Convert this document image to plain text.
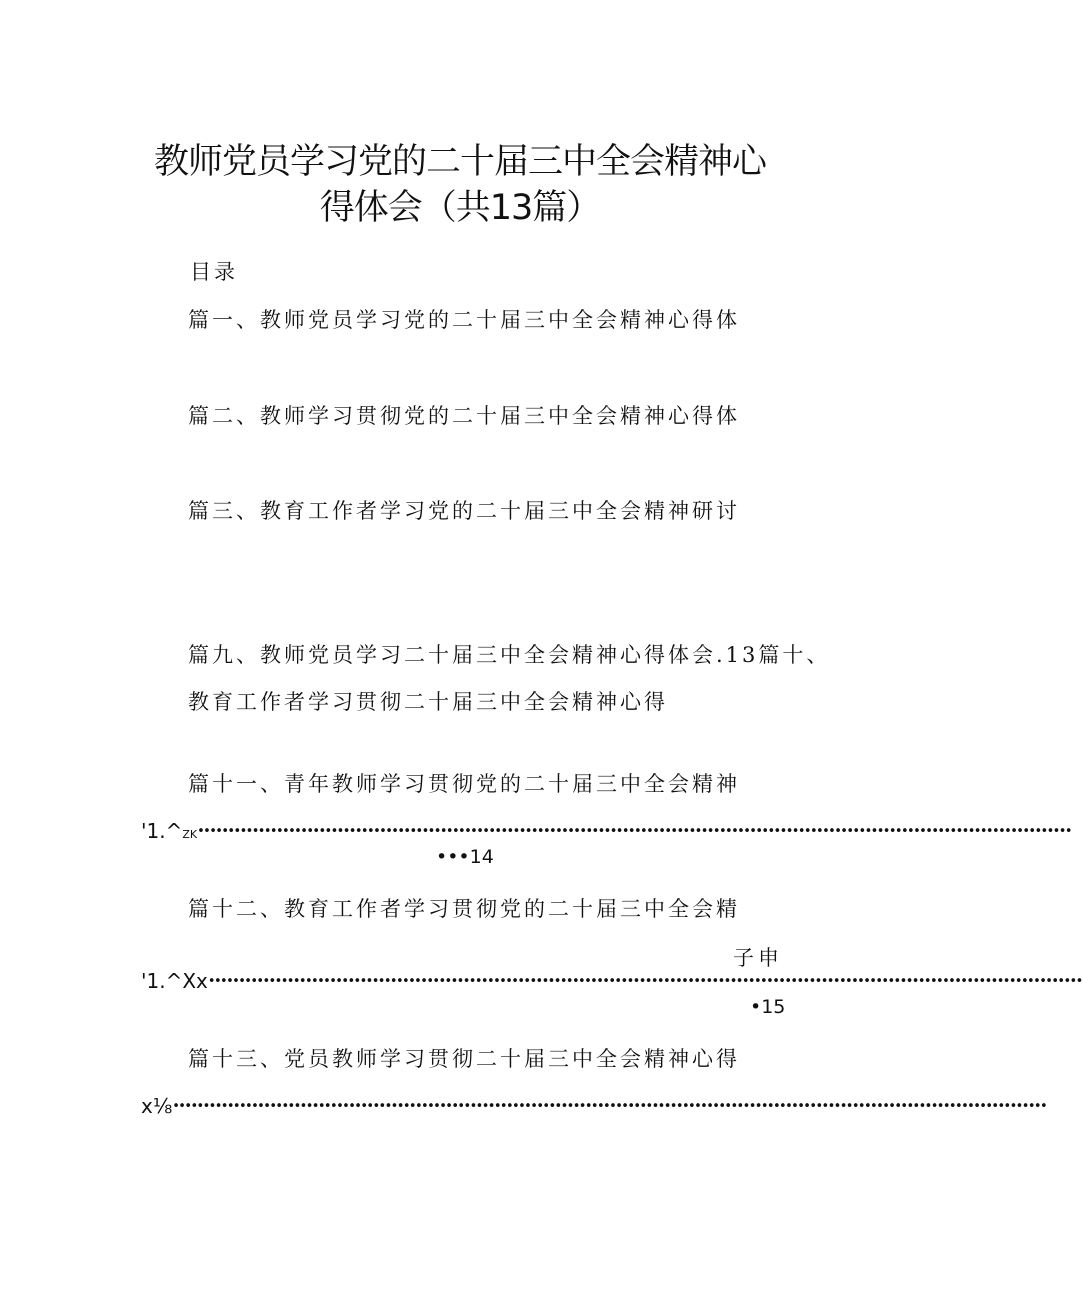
教师党员学习党的二十届三中全会精神心
得体会（共13篇）
目录
篇一、教师党员学习党的二十届三中全会精神心得体
篇二、教师学习贯彻党的二十届三中全会精神心得体
篇三、教育工作者学习党的二十届三中全会精神研讨
篇九、教师党员学习二十届三中全会精神心得体会.13篇十、
教育工作者学习贯彻二十届三中全会精神心得
篇十一、青年教师学习贯彻党的二十届三中全会精神
'1.^ZK••••••••••••••••••••••••••••••••••••••••••••••••••••••••••••••••••••••••••••••••••••••••••••••••••••••••••••••••••••••••••••••••••••••••••••••••
•••14
篇十二、教育工作者学习贯彻党的二十届三中全会精
子申
'1.^Xx••••••••••••••••••••••••••••••••••••••••••••••••••••••••••••••••••••••••••••••••••••••••••••••••••••••••••••••••••••••••••••••••••••••••••••••••
•15
篇十三、党员教师学习贯彻二十届三中全会精神心得
x⅛••••••••••••••••••••••••••••••••••••••••••••••••••••••••••••••••••••••••••••••••••••••••••••••••••••••••••••••••••••••••••••••••••••••••••••••••
